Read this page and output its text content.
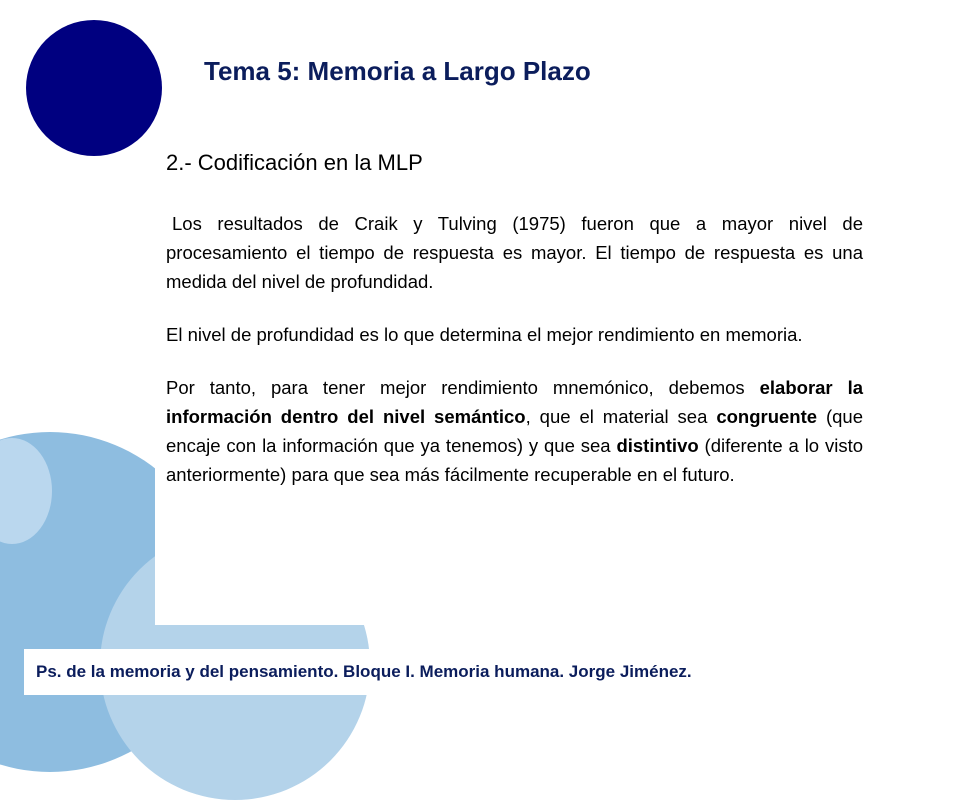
Tema 5: Memoria a Largo Plazo
2.- Codificación en la MLP

Los resultados de Craik y Tulving (1975) fueron que a mayor nivel de procesamiento el tiempo de respuesta es mayor. El tiempo de respuesta es una medida del nivel de profundidad.

El nivel de profundidad es lo que determina el mejor rendimiento en memoria.

Por tanto, para tener mejor rendimiento mnemónico, debemos elaborar la información dentro del nivel semántico, que el material sea congruente (que encaje con la información que ya tenemos) y que sea distintivo (diferente a lo visto anteriormente) para que sea más fácilmente recuperable en el futuro.

Ps. de la memoria y del pensamiento. Bloque I. Memoria humana. Jorge Jiménez.
